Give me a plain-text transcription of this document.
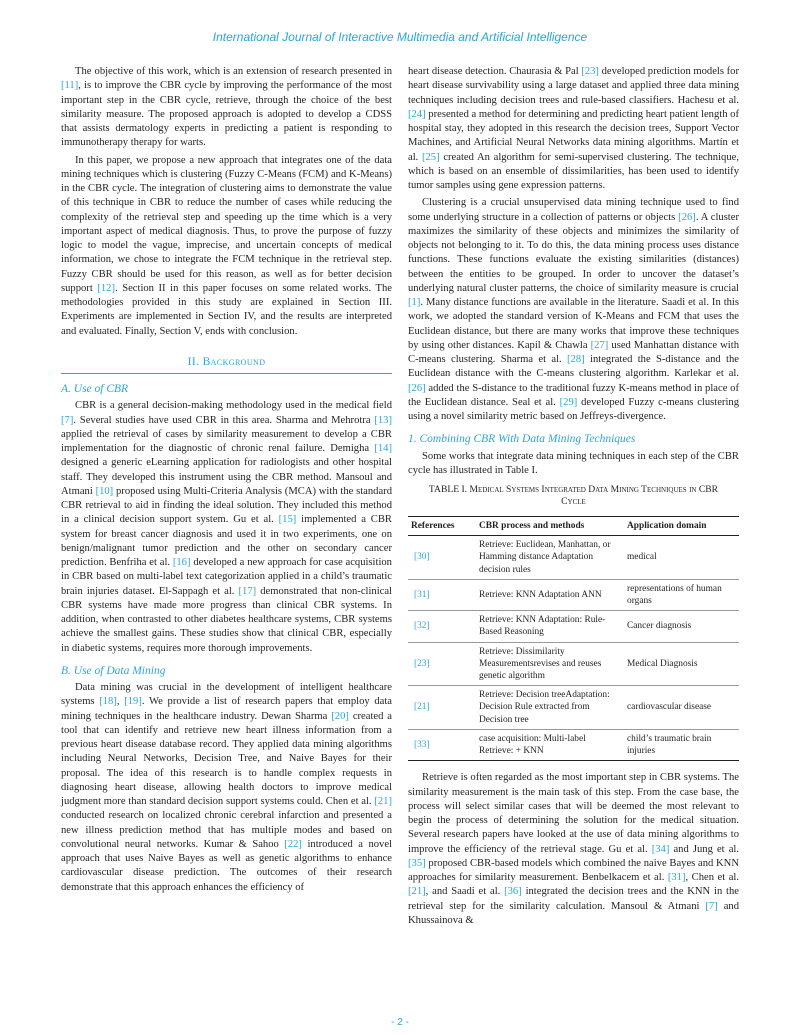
International Journal of Interactive Multimedia and Artificial Intelligence

The objective of this work, which is an extension of research presented in [11], is to improve the CBR cycle by improving the performance of the most important step in the CBR cycle, retrieve, through the choice of the best similarity measure. The proposed approach is adopted to develop a CDSS that assists dermatology experts in predicting a patient is responding to immunotherapy therapy for warts.

In this paper, we propose a new approach that integrates one of the data mining techniques which is clustering (Fuzzy C-Means (FCM) and K-Means) in the CBR cycle. The integration of clustering aims to demonstrate the value of this technique in CBR to reduce the number of cases while reducing the complexity of the retrieval step and speeding up the time which is a very important aspect of medical diagnosis. Thus, to prove the purpose of fuzzy logic to model the vague, imprecise, and uncertain concepts of medical information, we chose to integrate the FCM technique in the retrieval step. Fuzzy CBR should be used for this reason, as well as for better decision support [12]. Section II in this paper focuses on some related works. The methodologies provided in this study are explained in Section III. Experiments are implemented in Section IV, and the results are interpreted and evaluated. Finally, Section V, ends with conclusion.

II. Background
A. Use of CBR

CBR is a general decision-making methodology used in the medical field [7]. Several studies have used CBR in this area. Sharma and Mehrotra [13] applied the retrieval of cases by similarity measurement to develop a CBR implementation for the diagnostic of chronic renal failure. Demigha [14] designed a generic eLearning application for radiologists and other hospital staff. They developed this instrument using the CBR method. Mansoul and Atmani [10] proposed using Multi-Criteria Analysis (MCA) with the standard CBR retrieval to aid in finding the ideal solution. They included this method in a clinical decision support system. Gu et al. [15] implemented a CBR system for breast cancer diagnosis and used it in two experiments, one on benign/malignant tumor prediction and the other on secondary cancer prediction. Benfriha et al. [16] developed a new approach for case acquisition in CBR based on multi-label text categorization applied in a child’s traumatic brain injuries dataset. El-Sappagh et al. [17] demonstrated that non-clinical CBR systems have made more progress than clinical CBR systems. In addition, when contrasted to other diabetes healthcare systems, CBR systems achieve the smallest gains. These studies show that clinical CBR, especially in diabetic systems, requires more thorough improvements.

B. Use of Data Mining

Data mining was crucial in the development of intelligent healthcare systems [18], [19]. We provide a list of research papers that employ data mining techniques in the healthcare industry. Dewan Sharma [20] created a tool that can identify and retrieve new heart illness information from a previous heart disease database record. They applied data mining algorithms including Neural Networks, Decision Tree, and Naive Bayes for their proposal. The idea of this research is to handle complex requests in diagnosing heart disease, allowing health doctors to improve medical judgment more than standard decision support systems could. Chen et al. [21] conducted research on localized chronic cerebral infarction and presented a new illness prediction method that has multiple modes and based on convolutional neural networks. Kumar & Sahoo [22] introduced a novel approach that uses Naive Bayes as well as genetic algorithms to enhance cardiovascular disease prediction. The outcomes of their research demonstrate that this approach enhances the efficiency of

heart disease detection. Chaurasia & Pal [23] developed prediction models for heart disease survivability using a large dataset and applied three data mining techniques including decision trees and rule-based classifiers. Hachesu et al. [24] presented a method for determining and predicting heart patient length of hospital stay, they adopted in this research the decision trees, Support Vector Machines, and Artificial Neural Networks data mining algorithms. Martín et al. [25] created An algorithm for semi-supervised clustering. The technique, which is based on an ensemble of dissimilarities, has been used to identify tumor samples using gene expression patterns.

Clustering is a crucial unsupervised data mining technique used to find some underlying structure in a collection of patterns or objects [26]. A cluster maximizes the similarity of these objects and minimizes the similarity of objects not belonging to it. To do this, the data mining process uses distance functions. These functions evaluate the existing similarities (distances) between the entities to be grouped. In order to uncover the dataset’s underlying natural cluster patterns, the choice of similarity measure is crucial [1]. Many distance functions are available in the literature. Saadi et al. In this work, we adopted the standard version of K-Means and FCM that uses the Euclidean distance, but there are many works that improve these techniques by using other distances. Kapil & Chawla [27] used Manhattan distance with C-means clustering. Sharma et al. [28] integrated the S-distance and the Euclidean distance with the C-means clustering algorithm. Karlekar et al. [26] added the S-distance to the traditional fuzzy K-means method in place of the Euclidean distance. Seal et al. [29] developed Fuzzy c-means clustering using a novel similarity metric based on Jeffreys-divergence.

1. Combining CBR With Data Mining Techniques

Some works that integrate data mining techniques in each step of the CBR cycle has illustrated in Table I.

TABLE I. Medical Systems Integrated Data Mining Techniques in CBR Cycle
References	CBR process and methods	Application domain
[30]	Retrieve: Euclidean, Manhattan, or Hamming distance Adaptation decision rules	medical
[31]	Retrieve: KNN Adaptation ANN	representations of human organs
[32]	Retrieve: KNN Adaptation: Rule-Based Reasoning	Cancer diagnosis
[23]	Retrieve: Dissimilarity Measurementsrevises and reuses genetic algorithm	Medical Diagnosis
[21]	Retrieve: Decision treeAdaptation: Decision Rule extracted from Decision tree	cardiovascular disease
[33]	case acquisition: Multi-label Retrieve: + KNN	child’s traumatic brain injuries

Retrieve is often regarded as the most important step in CBR systems. The similarity measurement is the main task of this step. From the case base, the process will select similar cases that will be deemed the most relevant to begin the process of determining the solution for the medical situation. Several research papers have looked at the use of data mining algorithms to improve the efficiency of the retrieval stage. Gu et al. [34] and Jung et al. [35] proposed CBR-based models which combined the naive Bayes and KNN approaches for similarity measurement. Benbelkacem et al. [31], Chen et al. [21], and Saadi et al. [36] integrated the decision trees and the KNN in the retrieval step for the similarity calculation. Mansoul & Atmani [7] and Khussainova &

- 2 -
